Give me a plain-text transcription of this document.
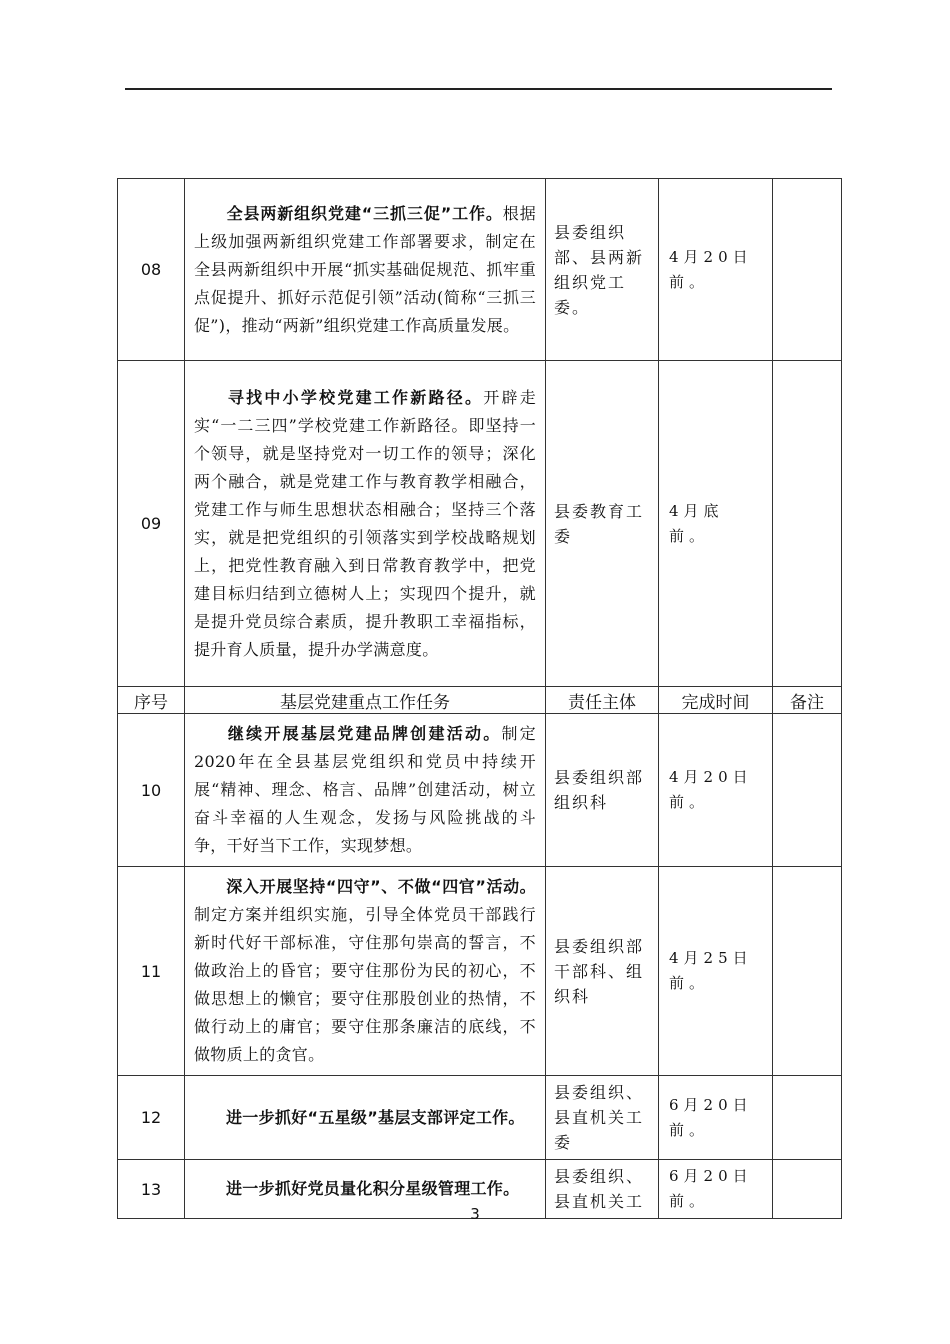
08	全县两新组织党建“三抓三促”工作。根据上级加强两新组织党建工作部署要求，制定在全县两新组织中开展“抓实基础促规范、抓牢重点促提升、抓好示范促引领”活动(简称“三抓三促”)，推动“两新”组织党建工作高质量发展。	县委组织部、县两新组织党工委。	4月20日前。	
09	寻找中小学校党建工作新路径。开辟走实“一二三四”学校党建工作新路径。即坚持一个领导，就是坚持党对一切工作的领导；深化两个融合，就是党建工作与教育教学相融合，党建工作与师生思想状态相融合；坚持三个落实，就是把党组织的引领落实到学校战略规划上，把党性教育融入到日常教育教学中，把党建目标归结到立德树人上；实现四个提升，就是提升党员综合素质，提升教职工幸福指标，提升育人质量，提升办学满意度。	县委教育工委	4月底前。	
序号	基层党建重点工作任务	责任主体	完成时间	备注
10	继续开展基层党建品牌创建活动。制定2020年在全县基层党组织和党员中持续开展“精神、理念、格言、品牌”创建活动，树立奋斗幸福的人生观念，发扬与风险挑战的斗争，干好当下工作，实现梦想。	县委组织部组织科	4月20日前。	
11	深入开展坚持“四守”、不做“四官”活动。制定方案并组织实施，引导全体党员干部践行新时代好干部标准，守住那句崇高的誓言，不做政治上的昏官；要守住那份为民的初心，不做思想上的懒官；要守住那股创业的热情，不做行动上的庸官；要守住那条廉洁的底线，不做物质上的贪官。	县委组织部干部科、组织科	4月25日前。	
12	进一步抓好“五星级”基层支部评定工作。	县委组织、县直机关工委	6月20日前。	
13	进一步抓好党员量化积分星级管理工作。	县委组织、县直机关工	6月20日前。	
3
